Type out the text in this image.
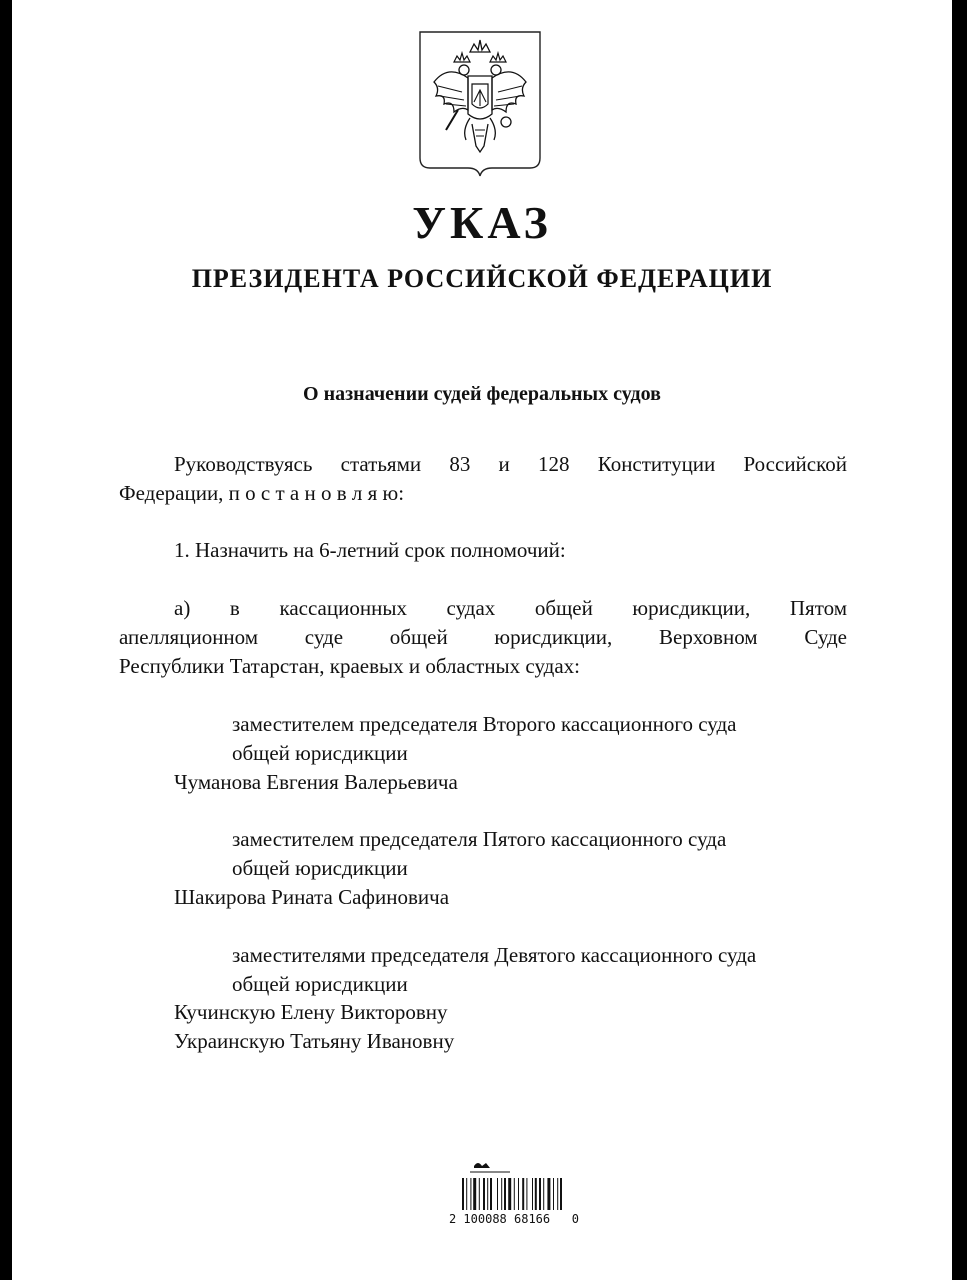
УКАЗ
ПРЕЗИДЕНТА РОССИЙСКОЙ ФЕДЕРАЦИИ
О назначении судей федеральных судов
Руководствуясь статьями 83 и 128 Конституции Российской
Федерации, п о с т а н о в л я ю:
1. Назначить на 6-летний срок полномочий:
а) в кассационных судах общей юрисдикции, Пятом
апелляционном суде общей юрисдикции, Верховном Суде
Республики Татарстан, краевых и областных судах:
заместителем председателя Второго кассационного суда
общей юрисдикции
Чуманова Евгения Валерьевича
заместителем председателя Пятого кассационного суда
общей юрисдикции
Шакирова Рината Сафиновича
заместителями председателя Девятого кассационного суда
общей юрисдикции
Кучинскую Елену Викторовну
Украинскую Татьяну Ивановну
2 100088 68166   0
